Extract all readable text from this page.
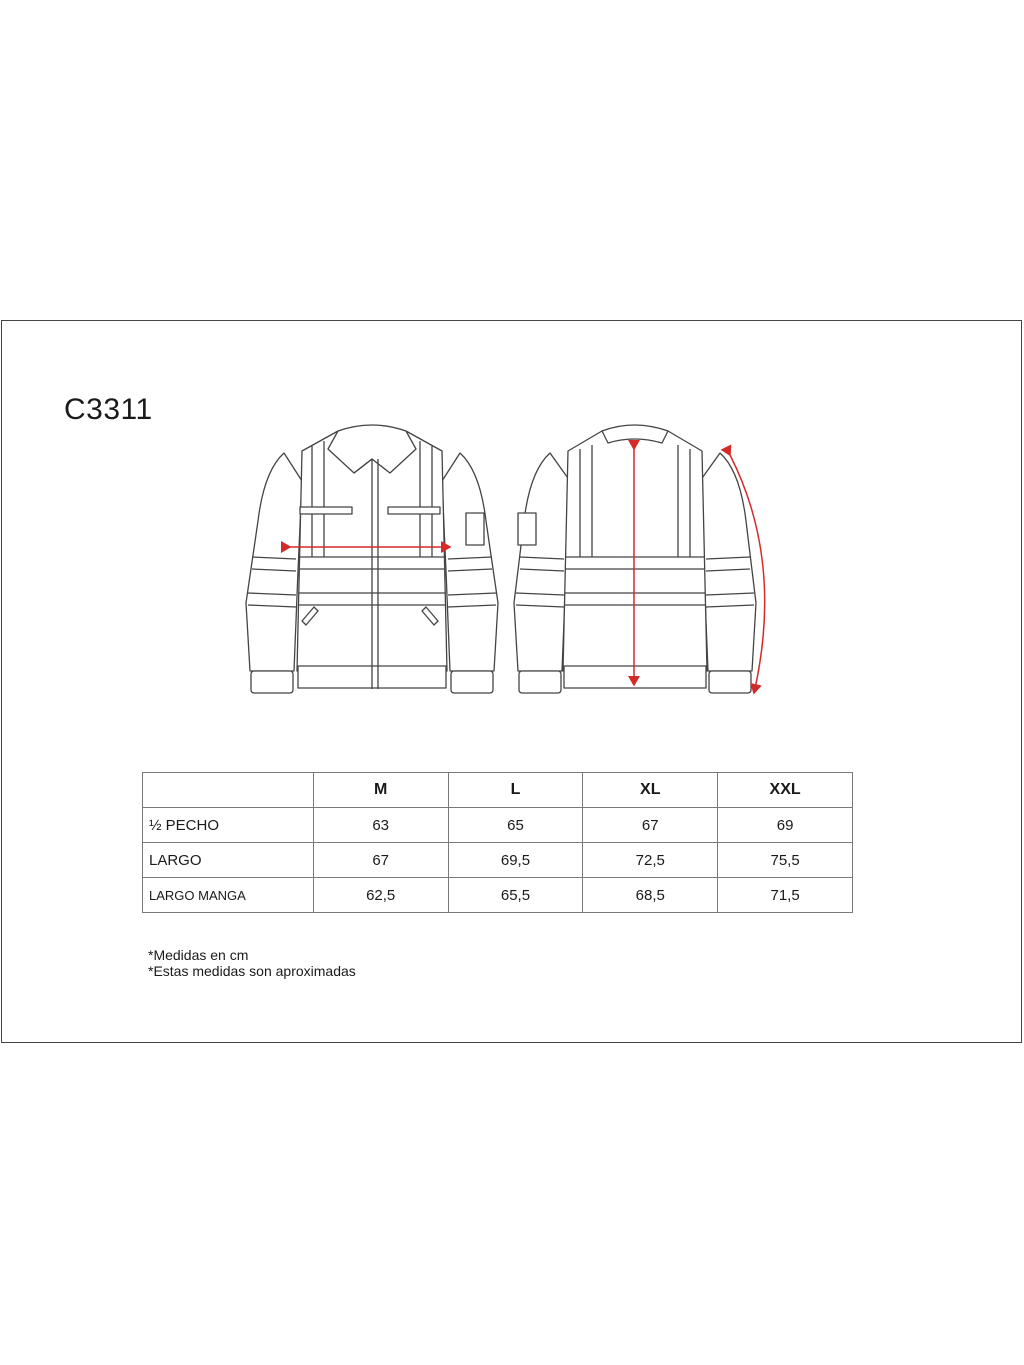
C3311
	M	L	XL	XXL
½ PECHO	63	65	67	69
LARGO	67	69,5	72,5	75,5
LARGO MANGA	62,5	65,5	68,5	71,5
*Medidas en cm
*Estas medidas son aproximadas
